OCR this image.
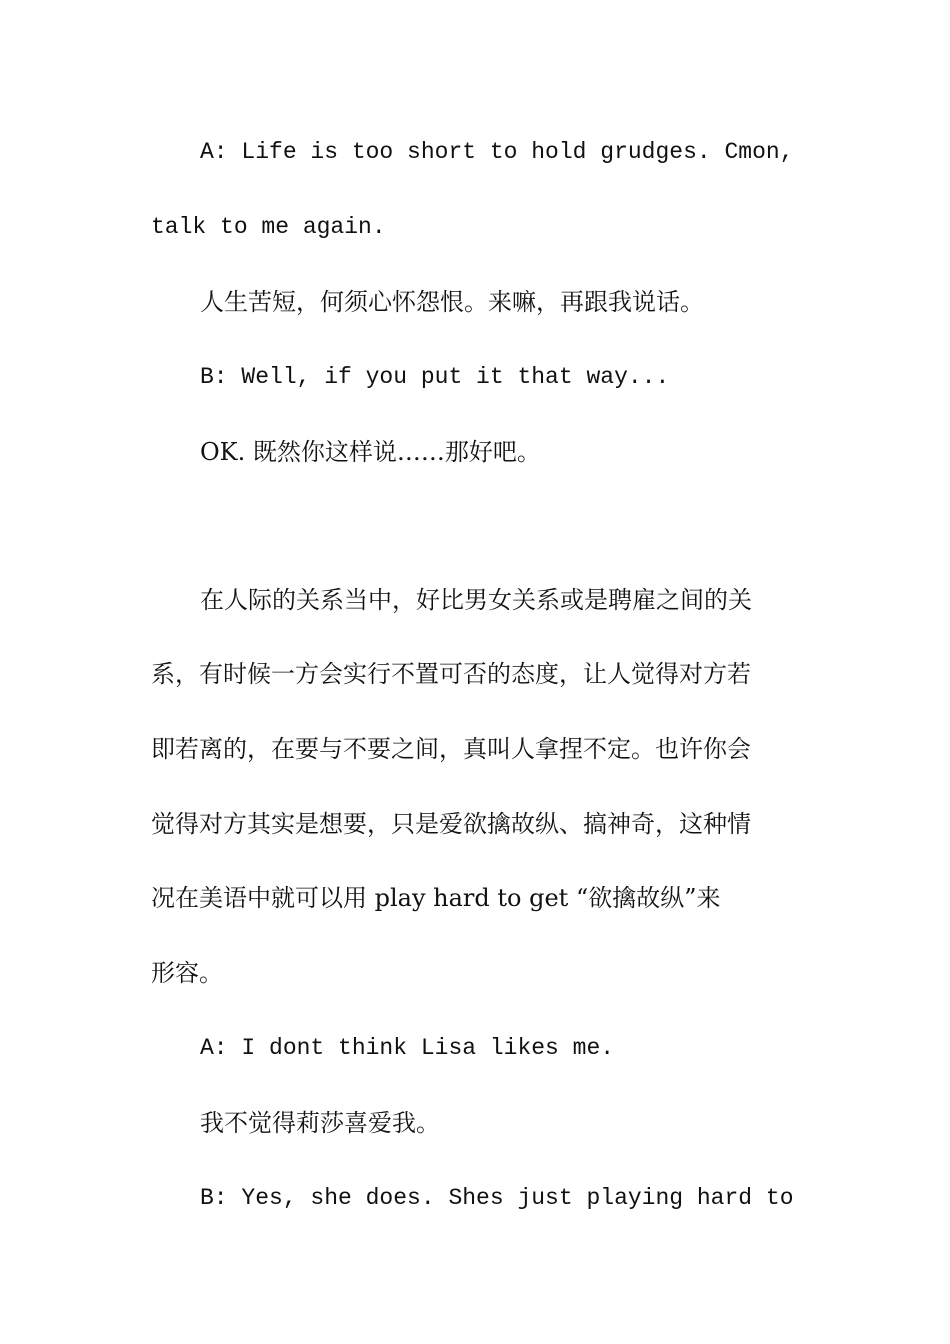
A: Life is too short to hold grudges. Cmon,
talk to me again.
人生苦短，何须心怀怨恨。来嘛，再跟我说话。
B: Well, if you put it that way...
OK. 既然你这样说……那好吧。
在人际的关系当中，好比男女关系或是聘雇之间的关
系，有时候一方会实行不置可否的态度，让人觉得对方若
即若离的，在要与不要之间，真叫人拿捏不定。也许你会
觉得对方其实是想要，只是爱欲擒故纵、搞神奇，这种情
况在美语中就可以用 play hard to get “欲擒故纵”来
形容。
A: I dont think Lisa likes me.
我不觉得莉莎喜爱我。
B: Yes, she does. Shes just playing hard to
